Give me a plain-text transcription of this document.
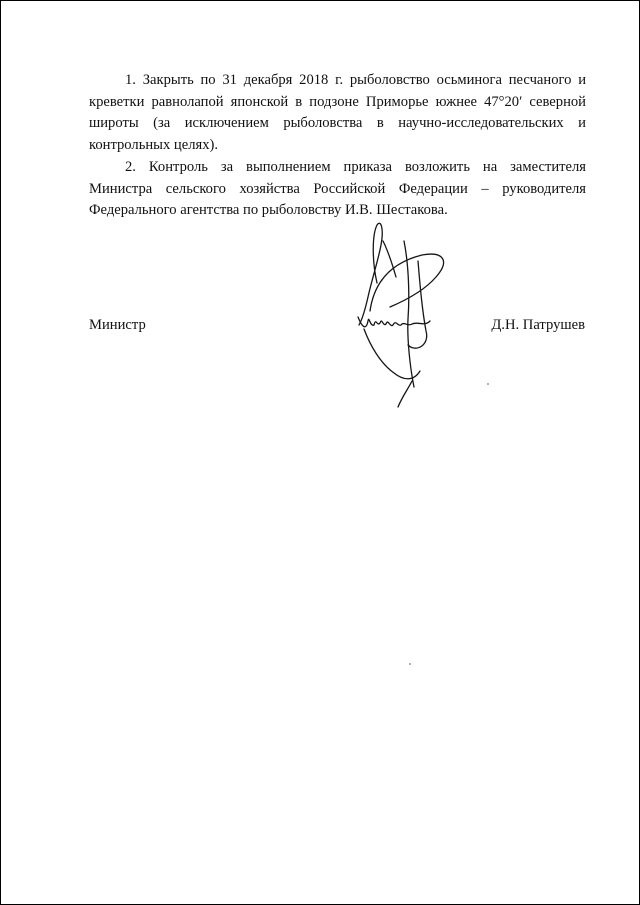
1. Закрыть по 31 декабря 2018 г. рыболовство осьминога песчаного и креветки равнолапой японской в подзоне Приморье южнее 47°20′ северной широты (за исключением рыболовства в научно-исследовательских и контрольных целях).

2. Контроль за выполнением приказа возложить на заместителя Министра сельского хозяйства Российской Федерации – руководителя Федерального агентства по рыболовству И.В. Шестакова.

Министр	Д.Н. Патрушев
